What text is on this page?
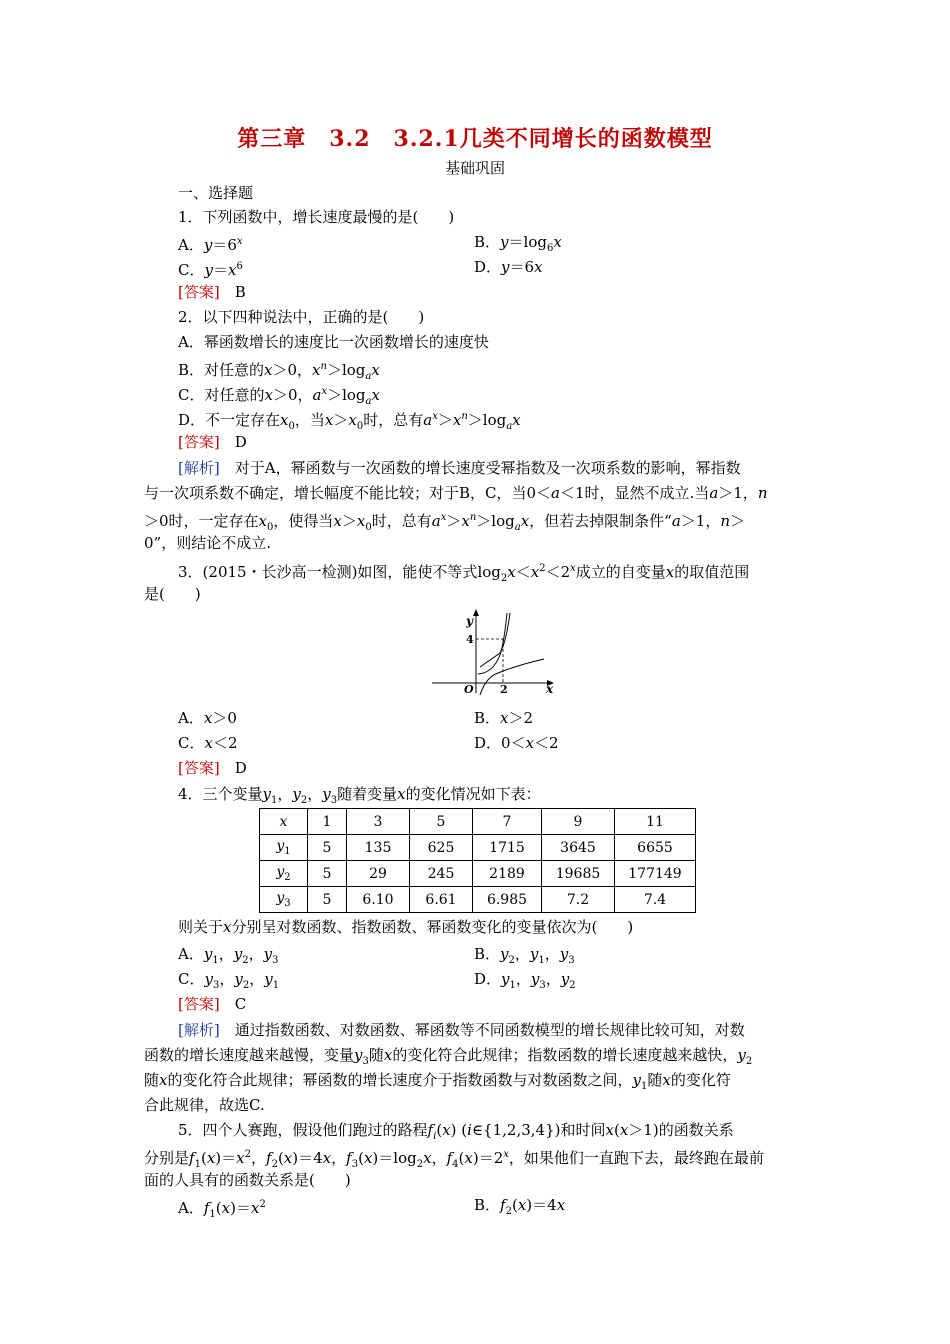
第三章　3.2　3.2.1几类不同增长的函数模型
基础巩固
一、选择题
1．下列函数中，增长速度最慢的是(　　)
A．$y=6^x$	B．$y=\log_6x$
C．$y=x^6$	D．y＝6x
[答案]　 B
2．以下四种说法中，正确的是(　　)
A．幂函数增长的速度比一次函数增长的速度快
B．对任意的x＞0，$x^n>\log_ax$
C．对任意的x＞0，$a^x>\log_ax$
D．不一定存在$x_0$，当$x>x_0$时，总有$a^x>x^n>\log_ax$
[答案]　 D
[解析]　 对于A，幂函数与一次函数的增长速度受幂指数及一次项系数的影响，幂指数
与一次项系数不确定，增长幅度不能比较；对于B，C，当0＜a＜1时，显然不成立.当a＞1，n
＞0时，一定存在$x_0$，使得当$x>x_0$时，总有$a^x>x^n>\log_ax$，但若去掉限制条件“a＞1，n＞
0”，则结论不成立.
3．(2015・长沙高一检测)如图，能使不等式$\log_2x<x^2<2^x$成立的自变量x的取值范围
是(　　)
y
4
O 2	x
A．x＞0	B．x＞2
C．x＜2	D．0＜x＜2
[答案]　 D
4．三个变量$y_1$，$y_2$，$y_3$随着变量x的变化情况如下表：
x	1	3	5	7	9	11
$y_1$	5	135	625	1715	3645	6655
$y_2$	5	29	245	2189	19685	177149
$y_3$	5	6.10	6.61	6.985	7.2	7.4
则关于x分别呈对数函数、指数函数、幂函数变化的变量依次为(　　)
A．$y_1$，$y_2$，$y_3$	B．$y_2$，$y_1$，$y_3$
C．$y_3$，$y_2$，$y_1$	D．$y_1$，$y_3$，$y_2$
[答案]　 C
[解析]　 通过指数函数、对数函数、幂函数等不同函数模型的增长规律比较可知，对数
函数的增长速度越来越慢，变量$y_3$随x的变化符合此规律；指数函数的增长速度越来越快，$y_2$
随x的变化符合此规律；幂函数的增长速度介于指数函数与对数函数之间，$y_1$随x的变化符
合此规律，故选C.
5．四个人赛跑，假设他们跑过的路程$f_i(x)$ (i∈{1,2,3,4})和时间x(x＞1)的函数关系
分别是$f_1(x)=x^2$，$f_2(x)=4x$，$f_3(x)=\log_2x$，$f_4(x)=2^x$，如果他们一直跑下去，最终跑在最前
面的人具有的函数关系是(　　)
A．$f_1(x)=x^2$	B．$f_2(x)=4x$
